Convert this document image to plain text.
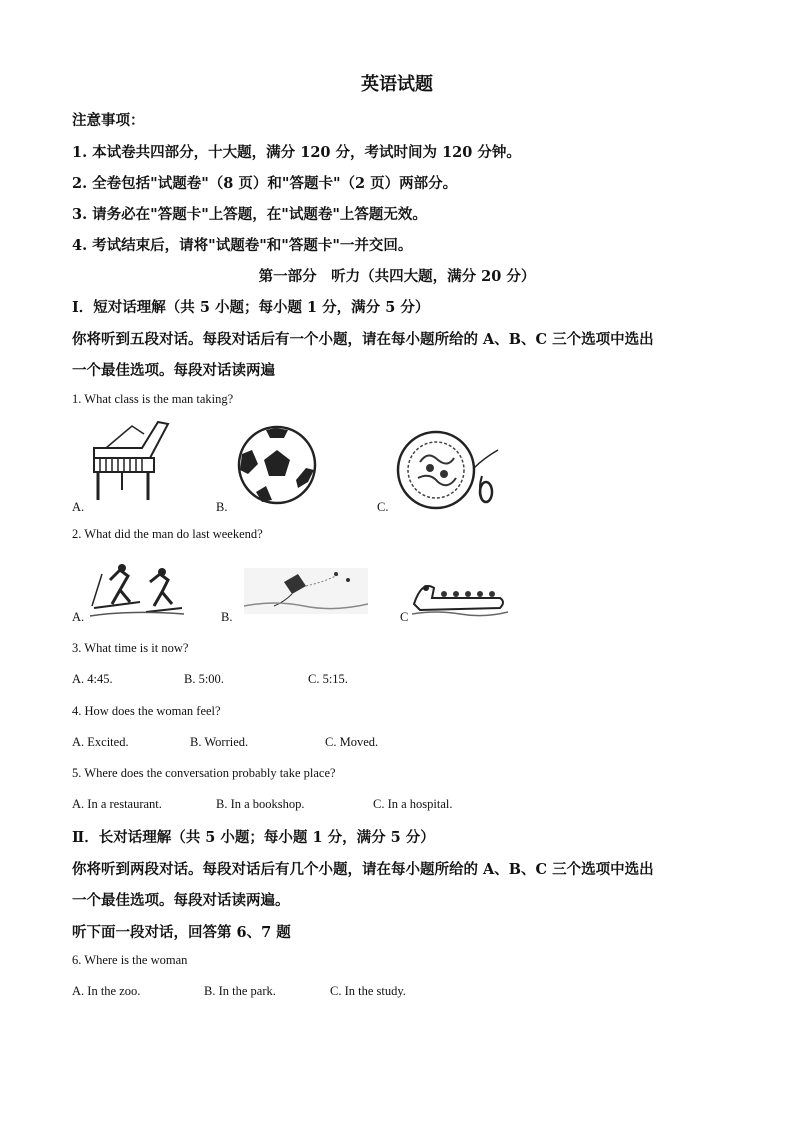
英语试题
注意事项：
1. 本试卷共四部分，十大题，满分 120 分，考试时间为 120 分钟。
2. 全卷包括"试题卷"（8 页）和"答题卡"（2 页）两部分。
3. 请务必在"答题卡"上答题，在"试题卷"上答题无效。
4. 考试结束后，请将"试题卷"和"答题卡"一并交回。
第一部分　听力（共四大题，满分 20 分）
Ⅰ．短对话理解（共 5 小题；每小题 1 分，满分 5 分）
你将听到五段对话。每段对话后有一个小题，请在每小题所给的 A、B、C 三个选项中选出
一个最佳选项。每段对话读两遍
1. What class is the man taking?
A.	B.	C.
2. What did the man do last weekend?
A.	B.	C
3. What time is it now?
A. 4:45.	B. 5:00.	C. 5:15.
4. How does the woman feel?
A. Excited.	B. Worried.	C. Moved.
5. Where does the conversation probably take place?
A. In a restaurant.	B. In a bookshop.	C. In a hospital.
Ⅱ．长对话理解（共 5 小题；每小题 1 分，满分 5 分）
你将听到两段对话。每段对话后有几个小题，请在每小题所给的 A、B、C 三个选项中选出
一个最佳选项。每段对话读两遍。
听下面一段对话，回答第 6、7 题
6. Where is the woman
A. In the zoo.	B. In the park.	C. In the study.
